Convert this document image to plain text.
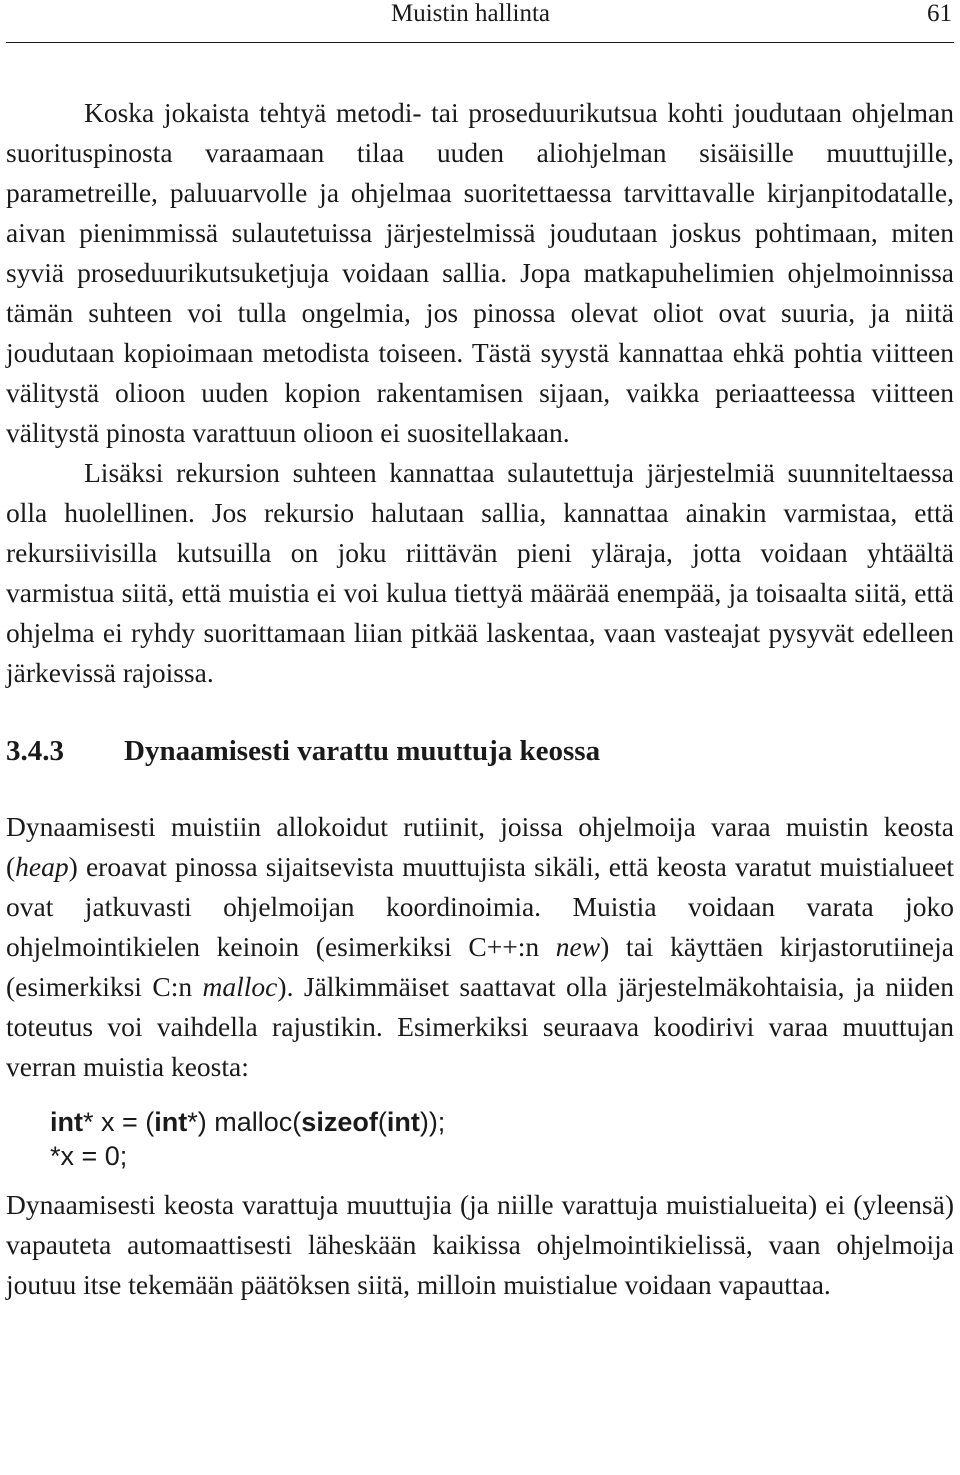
Muistin hallinta	61

Koska jokaista tehtyä metodi- tai proseduurikutsua kohti joudutaan ohjelman suorituspinosta varaamaan tilaa uuden aliohjelman sisäisille muuttujille, parametreille, paluuarvolle ja ohjelmaa suoritettaessa tarvittavalle kirjanpitodatalle, aivan pienimmissä sulautetuissa järjestelmissä joudutaan joskus pohtimaan, miten syviä proseduurikutsuketjuja voidaan sallia. Jopa matkapuhelimien ohjelmoinnissa tämän suhteen voi tulla ongelmia, jos pinossa olevat oliot ovat suuria, ja niitä joudutaan kopioimaan metodista toiseen. Tästä syystä kannattaa ehkä pohtia viitteen välitystä olioon uuden kopion rakentamisen sijaan, vaikka periaatteessa viitteen välitystä pinosta varattuun olioon ei suositellakaan.

Lisäksi rekursion suhteen kannattaa sulautettuja järjestelmiä suunniteltaessa olla huolellinen. Jos rekursio halutaan sallia, kannattaa ainakin varmistaa, että rekursiivisilla kutsuilla on joku riittävän pieni yläraja, jotta voidaan yhtäältä varmistua siitä, että muistia ei voi kulua tiettyä määrää enempää, ja toisaalta siitä, että ohjelma ei ryhdy suorittamaan liian pitkää laskentaa, vaan vasteajat pysyvät edelleen järkevissä rajoissa.

3.4.3 Dynaamisesti varattu muuttuja keossa

Dynaamisesti muistiin allokoidut rutiinit, joissa ohjelmoija varaa muistin keosta (heap) eroavat pinossa sijaitsevista muuttujista sikäli, että keosta varatut muistialueet ovat jatkuvasti ohjelmoijan koordinoimia. Muistia voidaan varata joko ohjelmointikielen keinoin (esimerkiksi C++:n new) tai käyttäen kirjastorutiineja (esimerkiksi C:n malloc). Jälkimmäiset saattavat olla järjestelmäkohtaisia, ja niiden toteutus voi vaihdella rajustikin. Esimerkiksi seuraava koodirivi varaa muuttujan verran muistia keosta:

int* x = (int*) malloc(sizeof(int));
*x = 0;

Dynaamisesti keosta varattuja muuttujia (ja niille varattuja muistialueita) ei (yleensä) vapauteta automaattisesti läheskään kaikissa ohjelmointikielissä, vaan ohjelmoija joutuu itse tekemään päätöksen siitä, milloin muistialue voidaan vapauttaa.
